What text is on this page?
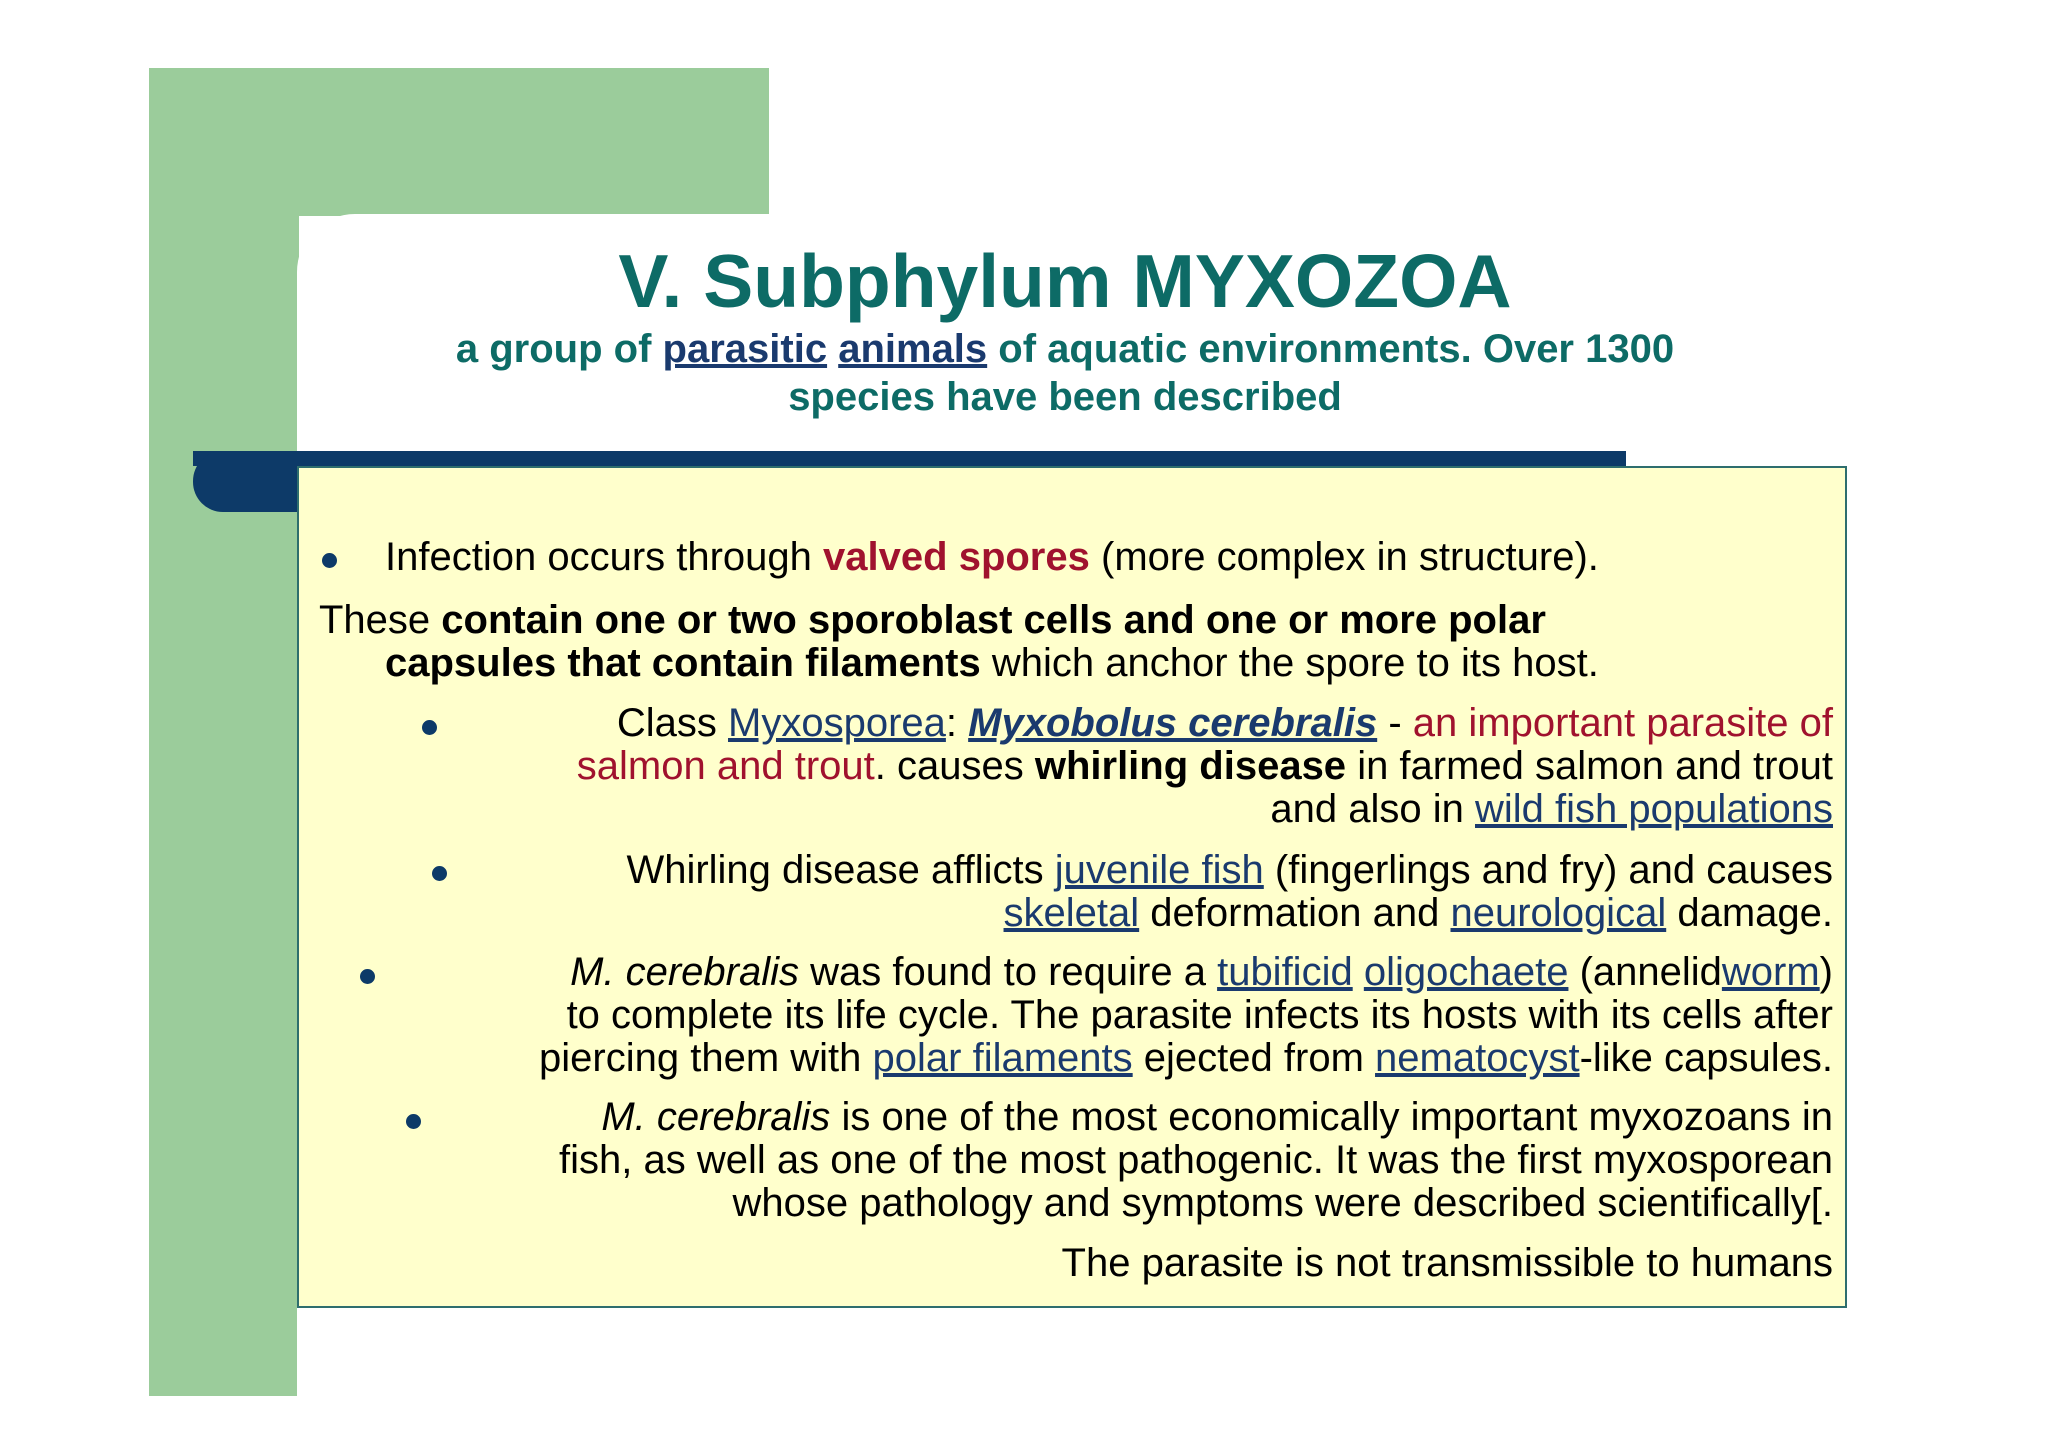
V. Subphylum MYXOZOA
a group of parasitic animals of aquatic environments. Over 1300
species have been described
Infection occurs through valved spores (more complex in structure).
These contain one or two sporoblast cells and one or more polar
capsules that contain filaments which anchor the spore to its host.
Class Myxosporea: Myxobolus cerebralis - an important parasite of
salmon and trout. causes whirling disease in farmed salmon and trout
and also in wild fish populations
Whirling disease afflicts juvenile fish (fingerlings and fry) and causes
skeletal deformation and neurological damage.
M. cerebralis was found to require a tubificid oligochaete (annelidworm)
to complete its life cycle. The parasite infects its hosts with its cells after
piercing them with polar filaments ejected from nematocyst-like capsules.
M. cerebralis is one of the most economically important myxozoans in
fish, as well as one of the most pathogenic. It was the first myxosporean
whose pathology and symptoms were described scientifically[.
The parasite is not transmissible to humans
